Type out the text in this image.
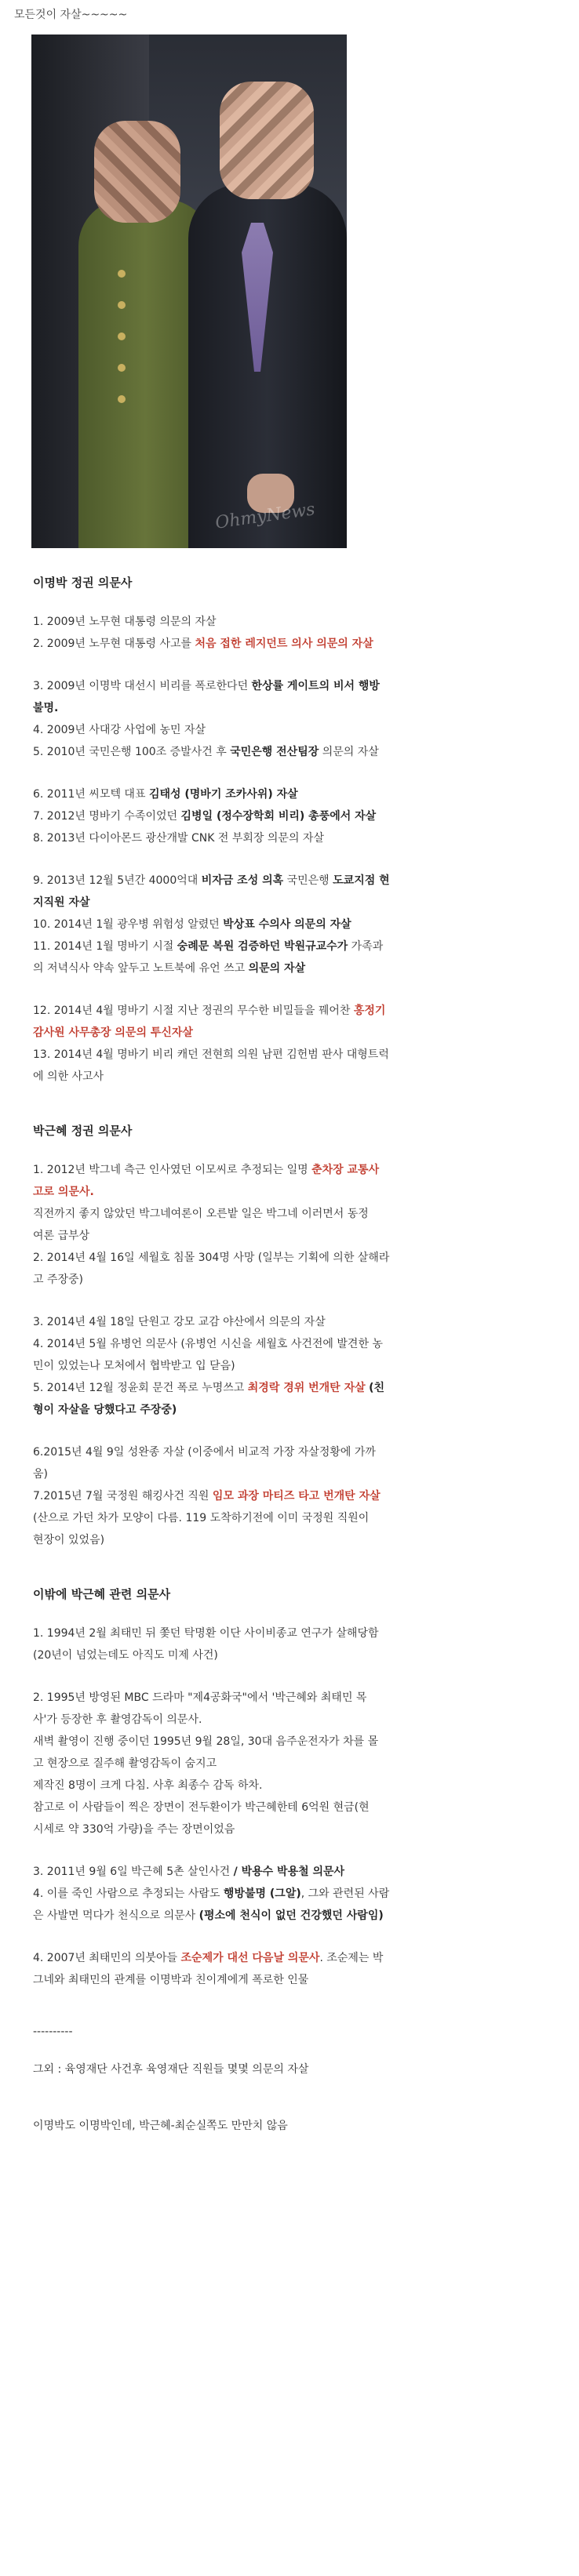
모든것이 자살~~~~~
OhmyNews
이명박 정권 의문사
1. 2009년 노무현 대통령 의문의 자살
2. 2009년 노무현 대통령 사고를 처음 접한 레지던트 의사 의문의 자살
3. 2009년 이명박 대선시 비리를 폭로한다던 한상률 게이트의 비서 행방
불명.
4. 2009년 사대강 사업에 농민 자살
5. 2010년 국민은행 100조 증발사건 후 국민은행 전산팀장 의문의 자살
6. 2011년 씨모텍 대표 김태성 (명바기 조카사위) 자살
7. 2012년 명바기 수족이었던 김병일 (정수장학회 비리) 총풍에서 자살
8. 2013년 다이아몬드 광산개발 CNK 전 부회장 의문의 자살
9. 2013년 12월 5년간 4000억대 비자금 조성 의혹 국민은행 도쿄지점 현
지직원 자살
10. 2014년 1월 광우병 위험성 알렸던 박상표 수의사 의문의 자살
11. 2014년 1월 명바기 시절 숭례문 복원 검증하던 박원규교수가 가족과
의 저녁식사 약속 앞두고 노트북에 유언 쓰고 의문의 자살
12. 2014년 4월 명바기 시절 지난 정권의 무수한 비밀들을 꿰어찬 홍정기
감사원 사무총장 의문의 투신자살
13. 2014년 4월 명바기 비리 캐던 전현희 의원 남편 김헌범 판사 대형트럭
에 의한 사고사
박근혜 정권 의문사
1. 2012년 박그네 측근 인사였던 이모씨로 추정되는 일명 춘차장 교통사
고로 의문사.
직전까지 좋지 않았던 박그네여론이 오른밭 일은 박그네 이러면서 동정
여론 급부상
2. 2014년 4월 16일 세월호 침몰 304명 사망 (일부는 기획에 의한 살해라
고 주장중)
3. 2014년 4월 18일 단원고 강모 교감 야산에서 의문의 자살
4. 2014년 5월 유병언 의문사 (유병언 시신을 세월호 사건전에 발견한 농
민이 있었는나 모처에서 협박받고 입 닫음)
5. 2014년 12월 정윤회 문건 폭로 누명쓰고 최경락 경위 번개탄 자살 (친
형이 자살을 당했다고 주장중)
6.2015년 4월 9일 성완종 자살 (이중에서 비교적 가장 자살정황에 가까
움)
7.2015년 7월 국정원 해킹사건 직원 임모 과장 마티즈 타고 번개탄 자살
(산으로 가던 차가 모양이 다름. 119 도착하기전에 이미 국정원 직원이
현장이 있었음)
이밖에 박근혜 관련 의문사
1. 1994년 2월 최태민 뒤 쫓던 탁명환 이단 사이비종교 연구가 살해당함
(20년이 넘었는데도 아직도 미제 사건)
2. 1995년 방영된 MBC 드라마 "제4공화국"에서 '박근혜와 최태민 목
사'가 등장한 후 촬영감독이 의문사.
새벽 촬영이 진행 중이던 1995년 9월 28일, 30대 음주운전자가 차를 몰
고 현장으로 질주해 촬영감독이 숨지고
제작진 8명이 크게 다침. 사후 최종수 감독 하차.
참고로 이 사람들이 찍은 장면이 전두환이가 박근혜한테 6억원 현금(현
시세로 약 330억 가량)을 주는 장면이었음
3. 2011년 9월 6일 박근혜 5촌 살인사건 / 박용수 박용철 의문사
4. 이를 죽인 사람으로 추정되는 사람도 행방불명 (그알), 그와 관련된 사람
은 사발면 먹다가 천식으로 의문사 (평소에 천식이 없던 건강했던 사람임)
4. 2007년 최태민의 의붓아들 조순제가 대선 다음날 의문사. 조순제는 박
그네와 최태민의 관계를 이명박과 친이계에게 폭로한 인물
----------
그외 : 육영재단 사건후 육영재단 직원들 몇몇 의문의 자살
이명박도 이명박인데, 박근혜-최순실쪽도 만만치 않음
